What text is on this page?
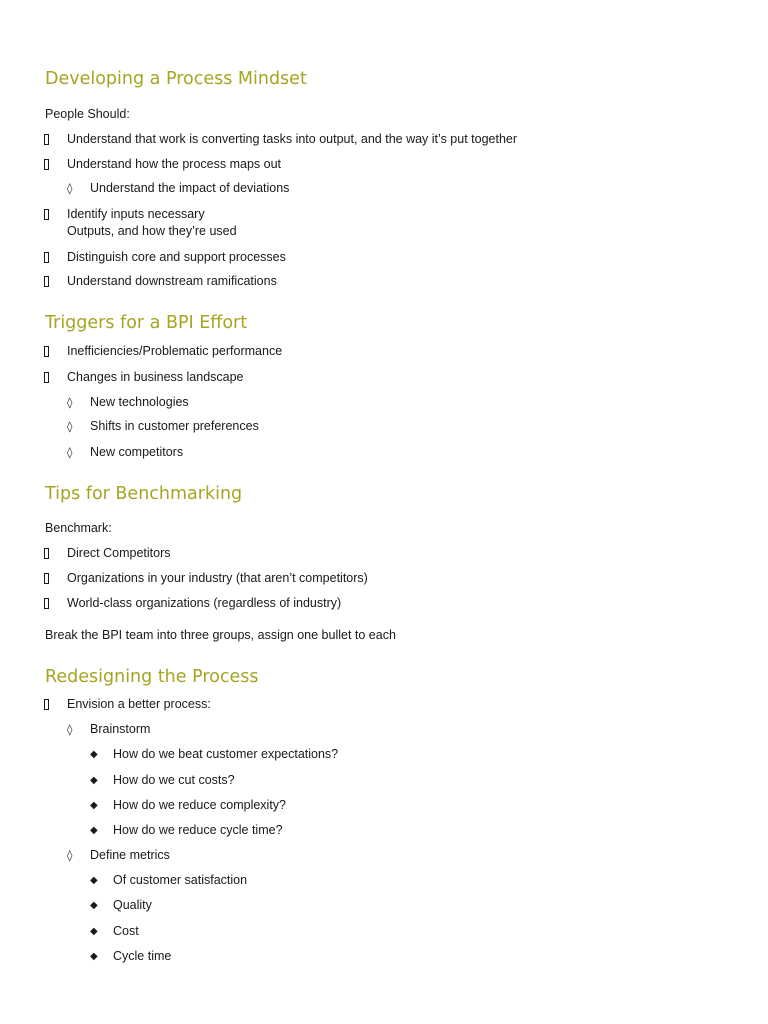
Developing a Process Mindset
People Should:
Understand that work is converting tasks into output, and the way it’s put together
Understand how the process maps out
◊	Understand the impact of deviations
Identify inputs necessary
Outputs, and how they’re used
Distinguish core and support processes
Understand downstream ramifications
Triggers for a BPI Effort
Inefficiencies/Problematic performance
Changes in business landscape
◊	New technologies
◊	Shifts in customer preferences
◊	New competitors
Tips for Benchmarking
Benchmark:
Direct Competitors
Organizations in your industry (that aren’t competitors)
World-class organizations (regardless of industry)
Break the BPI team into three groups, assign one bullet to each
Redesigning the Process
Envision a better process:
◊	Brainstorm
◆	How do we beat customer expectations?
◆	How do we cut costs?
◆	How do we reduce complexity?
◆	How do we reduce cycle time?
◊	Define metrics
◆	Of customer satisfaction
◆	Quality
◆	Cost
◆	Cycle time
